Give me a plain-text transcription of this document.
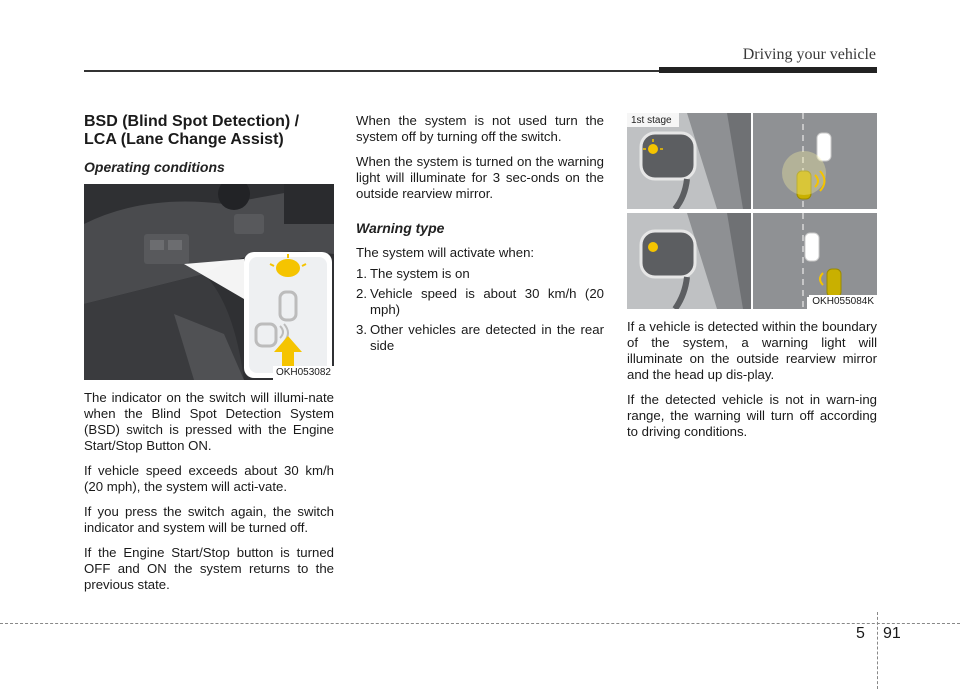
Driving your vehicle
BSD (Blind Spot Detection) / LCA (Lane Change Assist)
Operating conditions
OKH053082

The indicator on the switch will illumi-nate when the Blind Spot Detection System (BSD) switch is pressed with the Engine Start/Stop Button ON.

If vehicle speed exceeds about 30 km/h (20 mph), the system will acti-vate.

If you press the switch again, the switch indicator and system will be turned off.

If the Engine Start/Stop button is turned OFF and ON the system returns to the previous state.

When the system is not used turn the system off by turning off the switch.

When the system is turned on the warning light will illuminate for 3 sec-onds on the outside rearview mirror.

Warning type

The system will activate when:

1. The system is on
2. Vehicle speed is about 30 km/h (20 mph)
3. Other vehicles are detected in the rear side
1st stage
OKH055084K

If a vehicle is detected within the boundary of the system, a warning light will illuminate on the outside rearview mirror and the head up dis-play.

If the detected vehicle is not in warn-ing range, the warning will turn off according to driving conditions.

5 91
